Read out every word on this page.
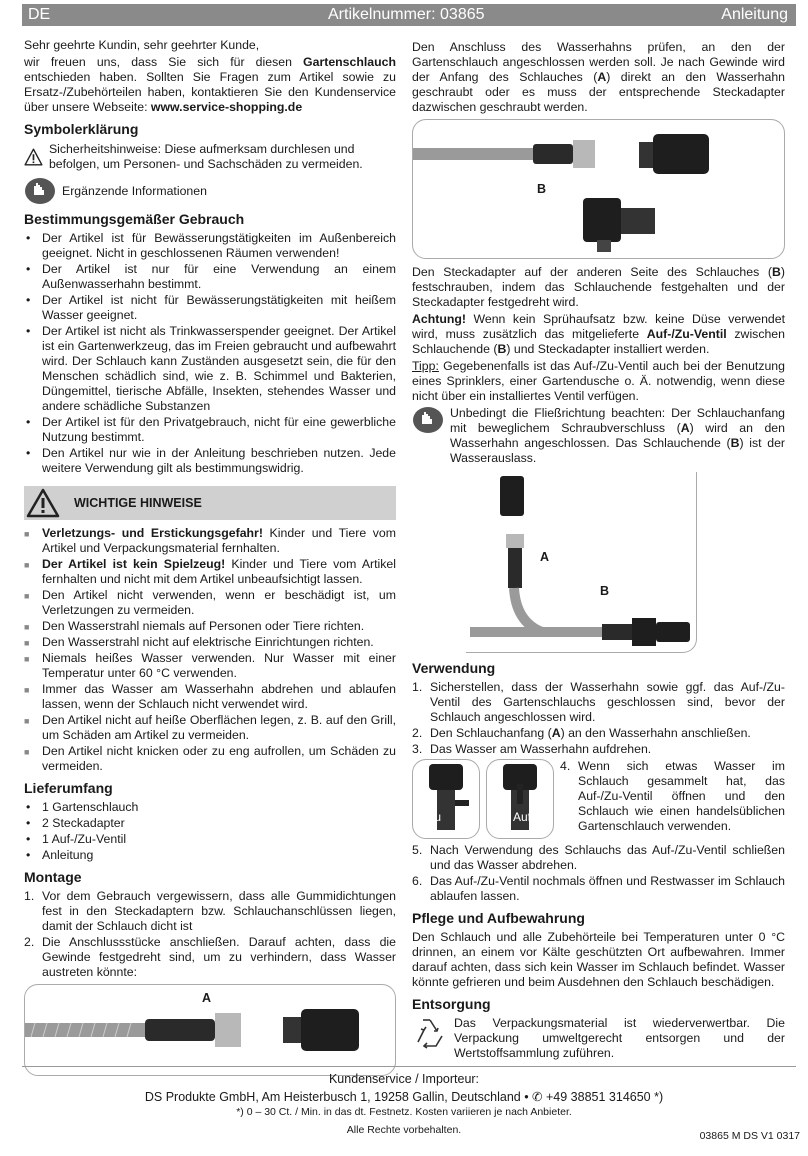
DE	Artikelnummer: 03865	Anleitung

Sehr geehrte Kundin, sehr geehrter Kunde,

wir freuen uns, dass Sie sich für diesen Gartenschlauch entschieden haben. Sollten Sie Fragen zum Artikel sowie zu Ersatz-/Zubehörteilen haben, kontaktieren Sie den Kundenservice über unsere Webseite: www.service-shopping.de

Symbolerklärung
Sicherheitshinweise: Diese aufmerksam durchlesen und befolgen, um Personen- und Sachschäden zu vermeiden.
Ergänzende Informationen
Bestimmungsgemäßer Gebrauch
• Der Artikel ist für Bewässerungstätigkeiten im Außenbereich geeignet. Nicht in geschlossenen Räumen verwenden!
• Der Artikel ist nur für eine Verwendung an einem Außenwasserhahn bestimmt.
• Der Artikel ist nicht für Bewässerungstätigkeiten mit heißem Wasser geeignet.
• Der Artikel ist nicht als Trinkwasserspender geeignet. Der Artikel ist ein Gartenwerkzeug, das im Freien gebraucht und aufbewahrt wird. Der Schlauch kann Zuständen ausgesetzt sein, die für den Menschen schädlich sind, wie z. B. Schimmel und Bakterien, Düngemittel, tierische Abfälle, Insekten, stehendes Wasser und andere schädliche Substanzen
• Der Artikel ist für den Privatgebrauch, nicht für eine gewerbliche Nutzung bestimmt.
• Den Artikel nur wie in der Anleitung beschrieben nutzen. Jede weitere Verwendung gilt als bestimmungswidrig.
WICHTIGE HINWEISE
■ Verletzungs- und Erstickungsgefahr! Kinder und Tiere vom Artikel und Verpackungsmaterial fernhalten.
■ Der Artikel ist kein Spielzeug! Kinder und Tiere vom Artikel fernhalten und nicht mit dem Artikel unbeaufsichtigt lassen.
■ Den Artikel nicht verwenden, wenn er beschädigt ist, um Verletzungen zu vermeiden.
■ Den Wasserstrahl niemals auf Personen oder Tiere richten.
■ Den Wasserstrahl nicht auf elektrische Einrichtungen richten.
■ Niemals heißes Wasser verwenden. Nur Wasser mit einer Temperatur unter 60 °C verwenden.
■ Immer das Wasser am Wasserhahn abdrehen und ablaufen lassen, wenn der Schlauch nicht verwendet wird.
■ Den Artikel nicht auf heiße Oberflächen legen, z. B. auf den Grill, um Schäden am Artikel zu vermeiden.
■ Den Artikel nicht knicken oder zu eng aufrollen, um Schäden zu vermeiden.
Lieferumfang
• 1 Gartenschlauch
• 2 Steckadapter
• 1 Auf-/Zu-Ventil
• Anleitung
Montage
1. Vor dem Gebrauch vergewissern, dass alle Gummidichtungen fest in den Steckadaptern bzw. Schlauchanschlüssen liegen, damit der Schlauch dicht ist
2. Die Anschlussstücke anschließen. Darauf achten, dass die Gewinde festgedreht sind, um zu verhindern, dass Wasser austreten könnte:
A

Den Anschluss des Wasserhahns prüfen, an den der Gartenschlauch angeschlossen werden soll. Je nach Gewinde wird der Anfang des Schlauches (A) direkt an den Wasserhahn geschraubt oder es muss der entsprechende Steckadapter dazwischen geschraubt werden.

B

Den Steckadapter auf der anderen Seite des Schlauches (B) festschrauben, indem das Schlauchende festgehalten und der Steckadapter festgedreht wird.

Achtung! Wenn kein Sprühaufsatz bzw. keine Düse verwendet wird, muss zusätzlich das mitgelieferte Auf-/Zu-Ventil zwischen Schlauchende (B) und Steckadapter installiert werden.

Tipp: Gegebenenfalls ist das Auf-/Zu-Ventil auch bei der Benutzung eines Sprinklers, einer Gartendusche o. Ä. notwendig, wenn diese nicht über ein installiertes Ventil verfügen.

Unbedingt die Fließrichtung beachten: Der Schlauchanfang mit beweglichem Schraubverschluss (A) wird an den Wasserhahn angeschlossen. Das Schlauchende (B) ist der Wasserauslass.

A
B
Verwendung
1. Sicherstellen, dass der Wasserhahn sowie ggf. das Auf-/Zu-Ventil des Gartenschlauchs geschlossen sind, bevor der Schlauch angeschlossen wird.
2. Den Schlauchanfang (A) an den Wasserhahn anschließen.
3. Das Wasser am Wasserhahn aufdrehen.
Zu	Auf
4. Wenn sich etwas Wasser im Schlauch gesammelt hat, das Auf-/Zu-Ventil öffnen und den Schlauch wie einen handelsüblichen Gartenschlauch verwenden.
5. Nach Verwendung des Schlauchs das Auf-/Zu-Ventil schließen und das Wasser abdrehen.
6. Das Auf-/Zu-Ventil nochmals öffnen und Restwasser im Schlauch ablaufen lassen.
Pflege und Aufbewahrung

Den Schlauch und alle Zubehörteile bei Temperaturen unter 0 °C drinnen, an einem vor Kälte geschützten Ort aufbewahren. Immer darauf achten, dass sich kein Wasser im Schlauch befindet. Wasser könnte gefrieren und beim Ausdehnen den Schlauch beschädigen.

Entsorgung

Das Verpackungsmaterial ist wiederverwertbar. Die Verpackung umweltgerecht entsorgen und der Wertstoffsammlung zuführen.

Kundenservice / Importeur:
DS Produkte GmbH, Am Heisterbusch 1, 19258 Gallin, Deutschland • ✆ +49 38851 314650 *)
*) 0 – 30 Ct. / Min. in das dt. Festnetz. Kosten variieren je nach Anbieter.
Alle Rechte vorbehalten.	03865 M DS V1 0317
